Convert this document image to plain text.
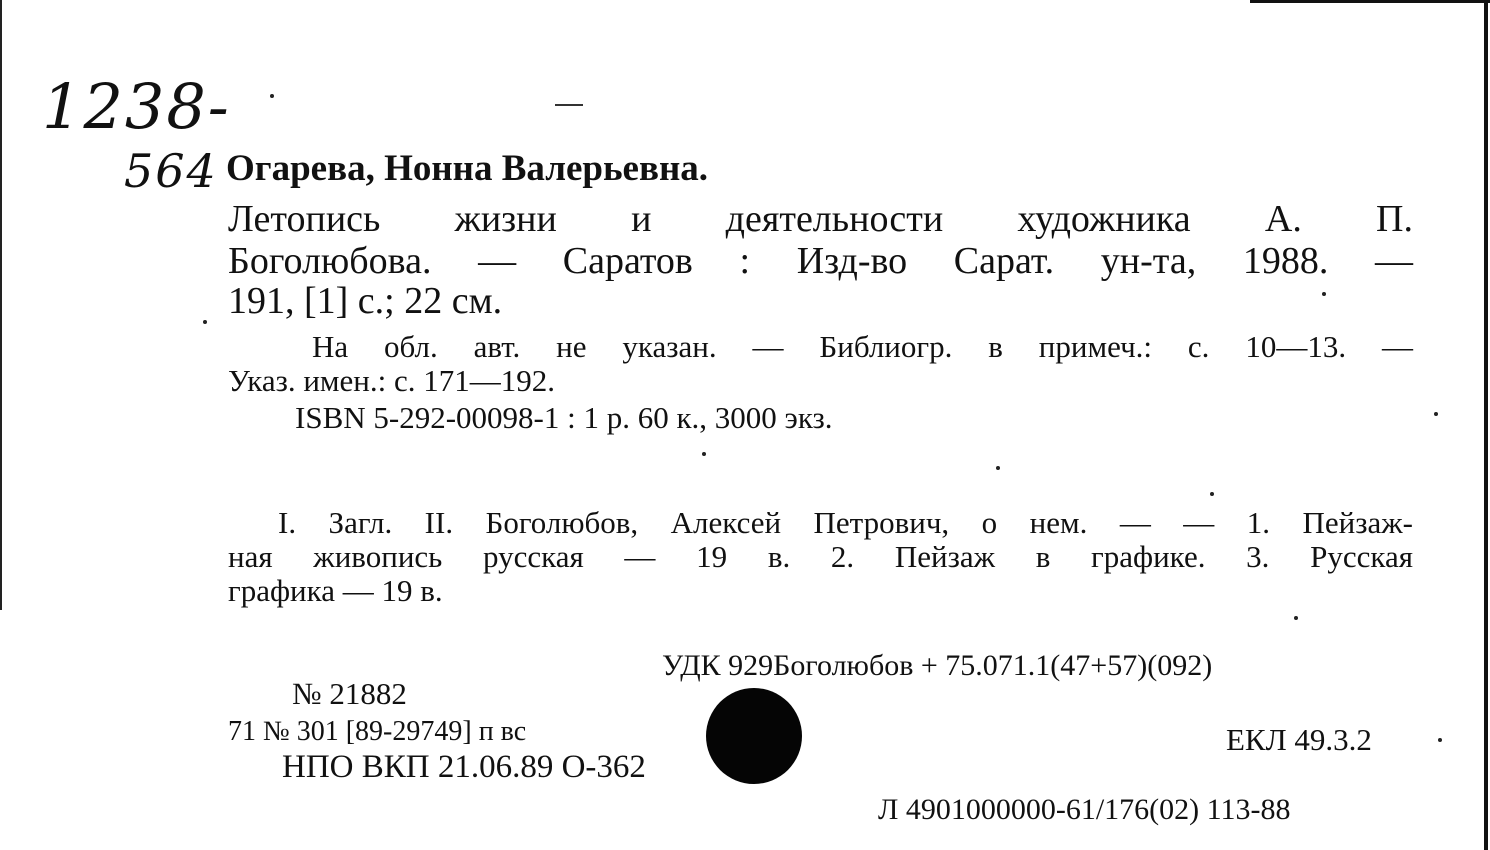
1238-
564 Огарева, Нонна Валерьевна.
Летопись жизни и деятельности художника А. П.
Боголюбова. — Саратов : Изд-во Сарат. ун-та, 1988. —
191, [1] с.; 22 см.
На обл. авт. не указан. — Библиогр. в примеч.: с. 10—13. —
Указ. имен.: с. 171—192.
ISBN 5-292-00098-1 : 1 р. 60 к., 3000 экз.
I. Загл. II. Боголюбов, Алексей Петрович, о нем. — — 1. Пейзаж-
ная живопись русская — 19 в. 2. Пейзаж в графике. 3. Русская
графика — 19 в.
УДК 929Боголюбов + 75.071.1(47+57)(092)
№ 21882
71 № 301 [89-29749] п вс	ЕКЛ 49.3.2
НПО ВКП 21.06.89 О-362
Л 4901000000-61/176(02) 113-88
